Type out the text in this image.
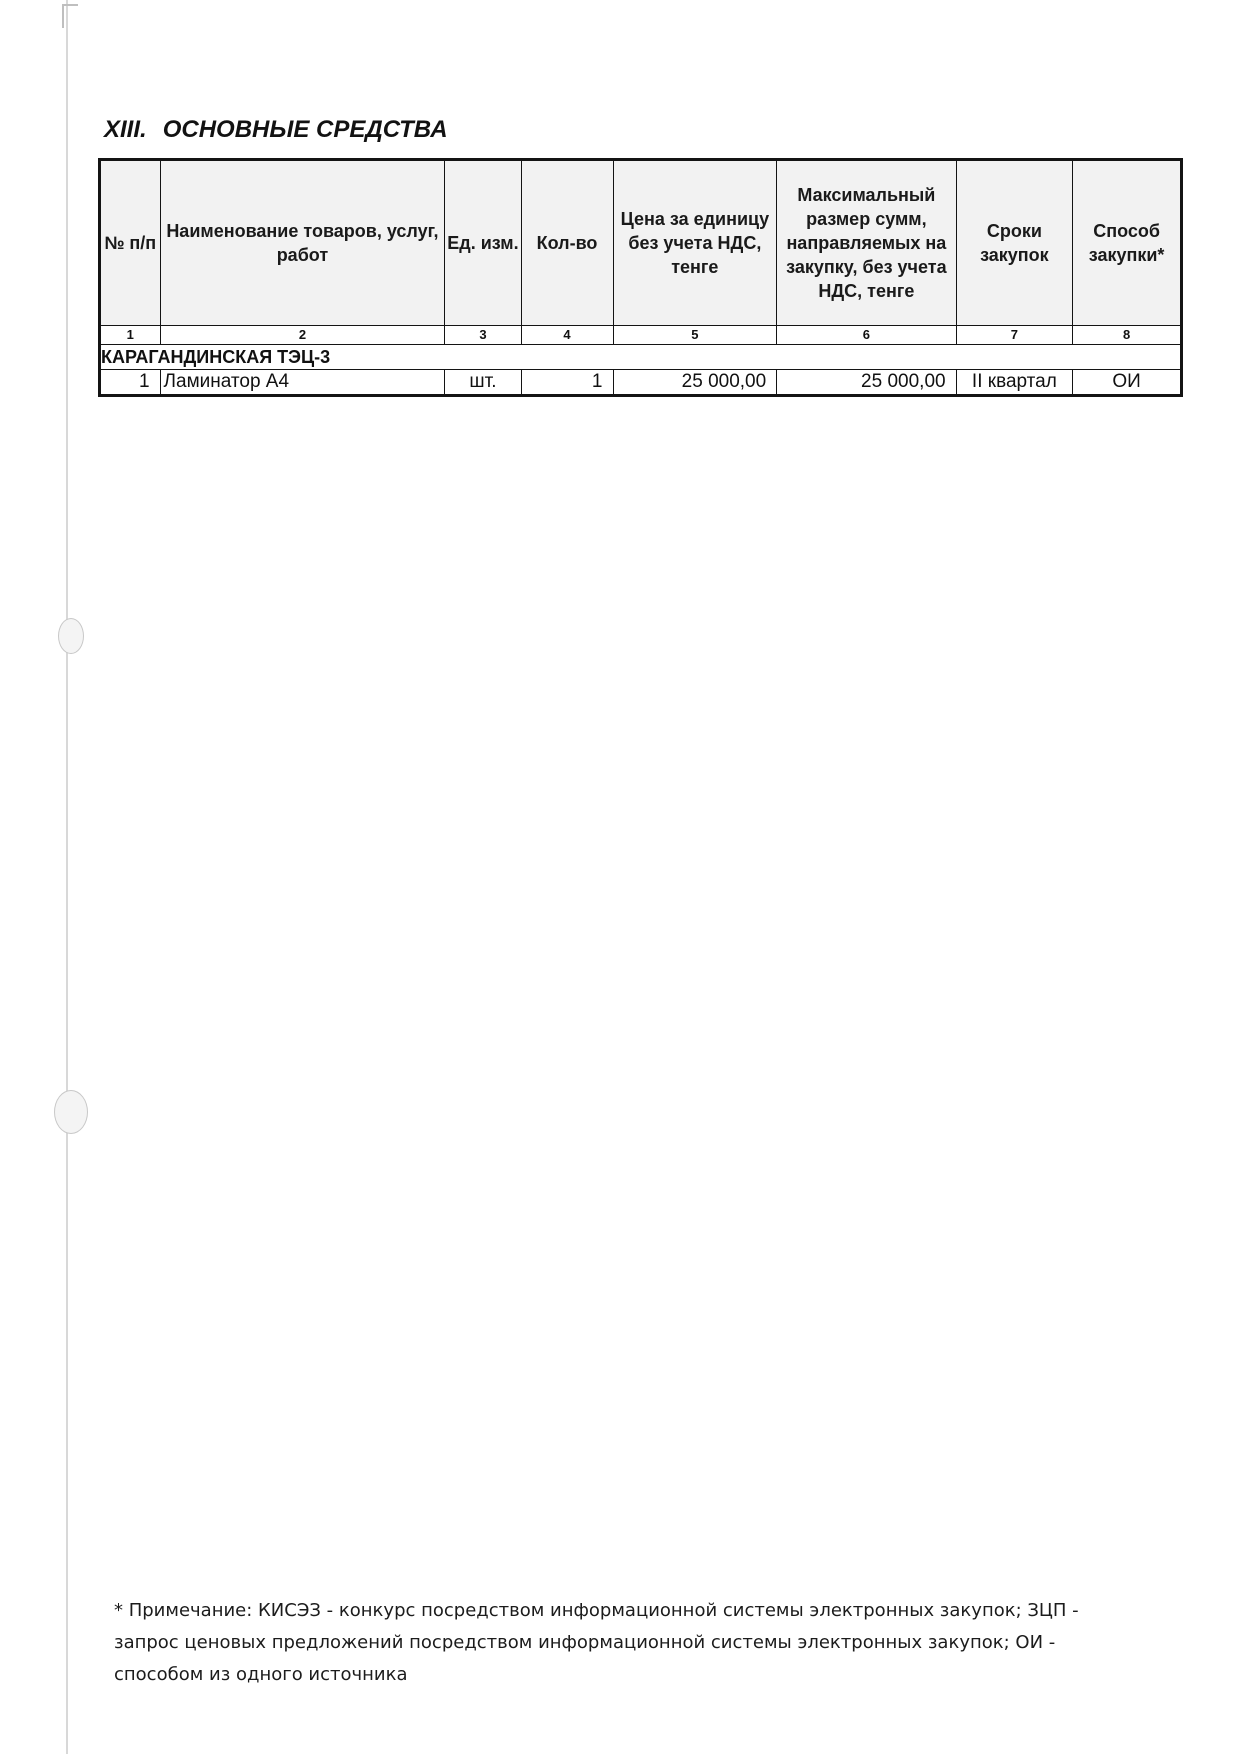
XIII. ОСНОВНЫЕ СРЕДСТВА
№ п/п	Наименование товаров, услуг, работ	Ед. изм.	Кол-во	Цена за единицу без учета НДС, тенге	Максимальный размер сумм, направляемых на закупку, без учета НДС, тенге	Сроки закупок	Способ закупки*
1	2	3	4	5	6	7	8
КАРАГАНДИНСКАЯ ТЭЦ-3							
1	Ламинатор А4	шт.	1	25 000,00	25 000,00	II квартал	ОИ
* Примечание: КИСЭЗ - конкурс посредством информационной системы электронных закупок; ЗЦП - запрос ценовых предложений посредством информационной системы электронных закупок; ОИ - способом из одного источника
